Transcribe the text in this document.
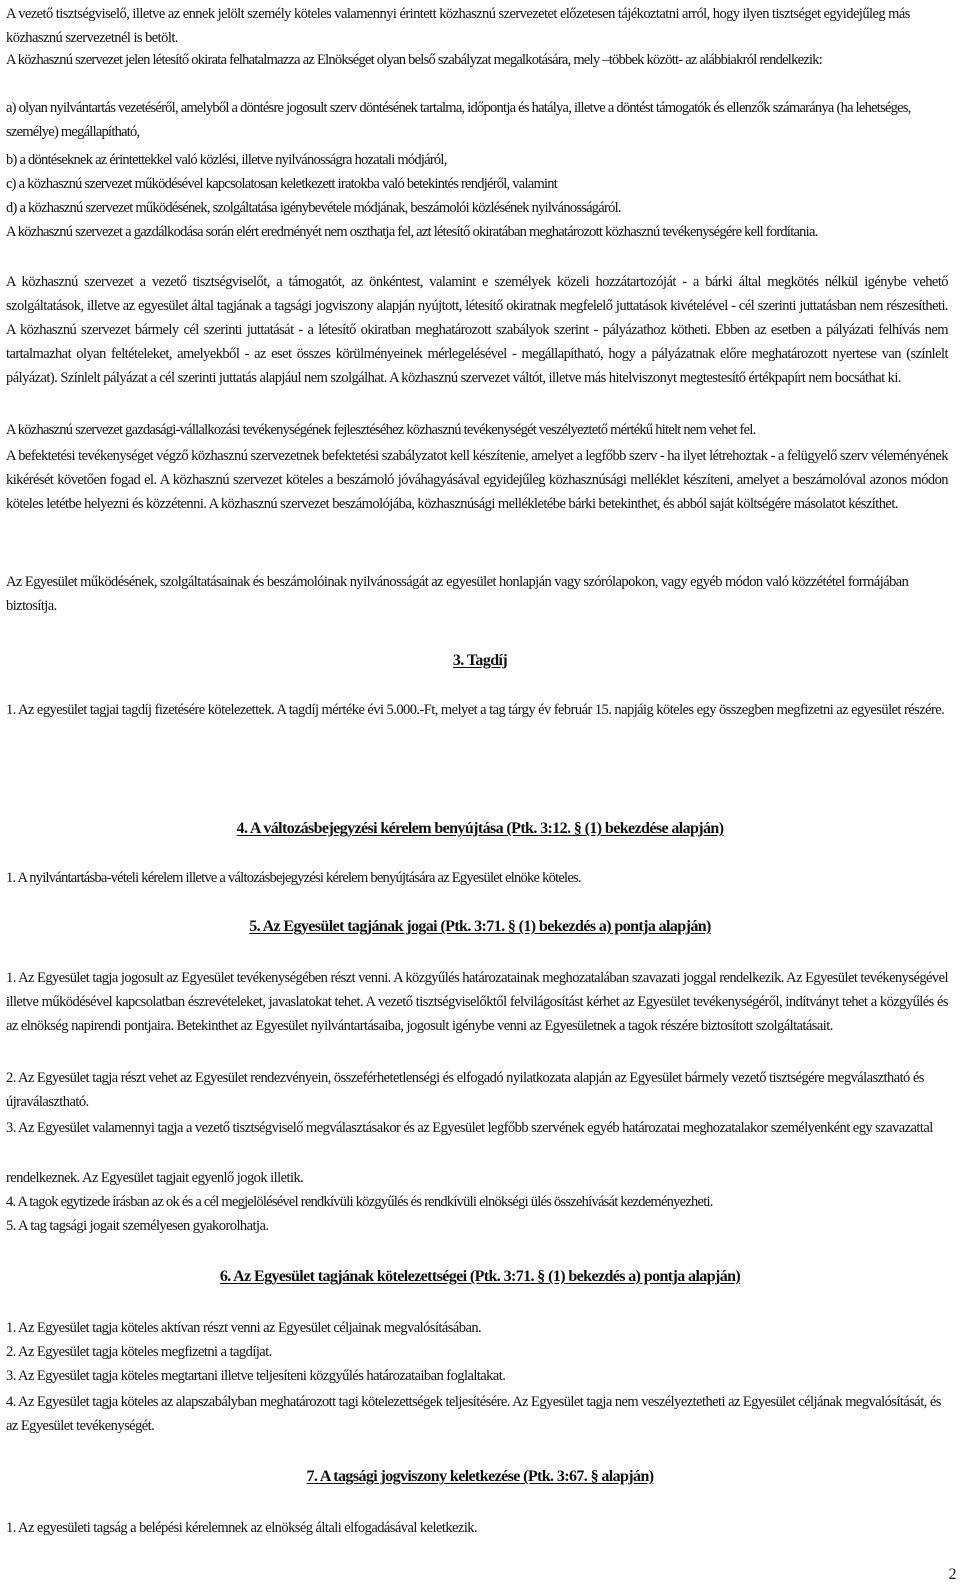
A vezető tisztségviselő, illetve az ennek jelölt személy köteles valamennyi érintett közhasznú szervezetet előzetesen tájékoztatni arról, hogy ilyen tisztséget egyidejűleg más közhasznú szervezetnél is betölt.

A közhasznú szervezet jelen létesítő okirata felhatalmazza az Elnökséget olyan belső szabályzat megalkotására, mely –többek között- az alábbiakról rendelkezik:

a) olyan nyilvántartás vezetéséről, amelyből a döntésre jogosult szerv döntésének tartalma, időpontja és hatálya, illetve a döntést támogatók és ellenzők számaránya (ha lehetséges, személye) megállapítható,

b) a döntéseknek az érintettekkel való közlési, illetve nyilvánosságra hozatali módjáról,

c) a közhasznú szervezet működésével kapcsolatosan keletkezett iratokba való betekintés rendjéről, valamint

d) a közhasznú szervezet működésének, szolgáltatása igénybevétele módjának, beszámolói közlésének nyilvánosságáról.

A közhasznú szervezet a gazdálkodása során elért eredményét nem oszthatja fel, azt létesítő okiratában meghatározott közhasznú tevékenységére kell fordítania.

A közhasznú szervezet a vezető tisztségviselőt, a támogatót, az önkéntest, valamint e személyek közeli hozzátartozóját - a bárki által megkötés nélkül igénybe vehető szolgáltatások, illetve az egyesület által tagjának a tagsági jogviszony alapján nyújtott, létesítő okiratnak megfelelő juttatások kivételével - cél szerinti juttatásban nem részesítheti. A közhasznú szervezet bármely cél szerinti juttatását - a létesítő okiratban meghatározott szabályok szerint - pályázathoz kötheti. Ebben az esetben a pályázati felhívás nem tartalmazhat olyan feltételeket, amelyekből - az eset összes körülményeinek mérlegelésével - megállapítható, hogy a pályázatnak előre meghatározott nyertese van (színlelt pályázat). Színlelt pályázat a cél szerinti juttatás alapjául nem szolgálhat. A közhasznú szervezet váltót, illetve más hitelviszonyt megtestesítő értékpapírt nem bocsáthat ki.

A közhasznú szervezet gazdasági-vállalkozási tevékenységének fejlesztéséhez közhasznú tevékenységét veszélyeztető mértékű hitelt nem vehet fel.

A befektetési tevékenységet végző közhasznú szervezetnek befektetési szabályzatot kell készítenie, amelyet a legfőbb szerv - ha ilyet létrehoztak - a felügyelő szerv véleményének kikérését követően fogad el. A közhasznú szervezet köteles a beszámoló jóváhagyásával egyidejűleg közhasznúsági melléklet készíteni, amelyet a beszámolóval azonos módon köteles letétbe helyezni és közzétenni. A közhasznú szervezet beszámolójába, közhasznúsági mellékletébe bárki betekinthet, és abból saját költségére másolatot készíthet.

Az Egyesület működésének, szolgáltatásainak és beszámolóinak nyilvánosságát az egyesület honlapján vagy szórólapokon, vagy egyéb módon való közzététel formájában biztosítja.

3. Tagdíj

1. Az egyesület tagjai tagdíj fizetésére kötelezettek. A tagdíj mértéke évi 5.000.-Ft, melyet a tag tárgy év február 15. napjáig köteles egy összegben megfizetni az egyesület részére.

4. A változásbejegyzési kérelem benyújtása (Ptk. 3:12. § (1) bekezdése alapján)

1. A nyilvántartásba-vételi kérelem illetve a változásbejegyzési kérelem benyújtására az Egyesület elnöke köteles.

5. Az Egyesület tagjának jogai (Ptk. 3:71. § (1) bekezdés a) pontja alapján)

1. Az Egyesület tagja jogosult az Egyesület tevékenységében részt venni. A közgyűlés határozatainak meghozatalában szavazati joggal rendelkezik. Az Egyesület tevékenységével illetve működésével kapcsolatban észrevételeket, javaslatokat tehet. A vezető tisztségviselőktől felvilágosítást kérhet az Egyesület tevékenységéről, indítványt tehet a közgyűlés és az elnökség napirendi pontjaira. Betekinthet az Egyesület nyilvántartásaiba, jogosult igénybe venni az Egyesületnek a tagok részére biztosított szolgáltatásait.

2. Az Egyesület tagja részt vehet az Egyesület rendezvényein, összeférhetetlenségi és elfogadó nyilatkozata alapján az Egyesület bármely vezető tisztségére megválasztható és újraválasztható.

3. Az Egyesület valamennyi tagja a vezető tisztségviselő megválasztásakor és az Egyesület legfőbb szervének egyéb határozatai meghozatalakor személyenként egy szavazattal

rendelkeznek. Az Egyesület tagjait egyenlő jogok illetik.

4. A tagok egytizede írásban az ok és a cél megjelölésével rendkívüli közgyűlés és rendkívüli elnökségi ülés összehívását kezdeményezheti.

5. A tag tagsági jogait személyesen gyakorolhatja.

6. Az Egyesület tagjának kötelezettségei (Ptk. 3:71. § (1) bekezdés a) pontja alapján)

1. Az Egyesület tagja köteles aktívan részt venni az Egyesület céljainak megvalósításában.

2. Az Egyesület tagja köteles megfizetni a tagdíjat.

3. Az Egyesület tagja köteles megtartani illetve teljesíteni közgyűlés határozataiban foglaltakat.

4. Az Egyesület tagja köteles az alapszabályban meghatározott tagi kötelezettségek teljesítésére. Az Egyesület tagja nem veszélyeztetheti az Egyesület céljának megvalósítását, és az Egyesület tevékenységét.

7. A tagsági jogviszony keletkezése (Ptk. 3:67. § alapján)

1. Az egyesületi tagság a belépési kérelemnek az elnökség általi elfogadásával keletkezik.

2
